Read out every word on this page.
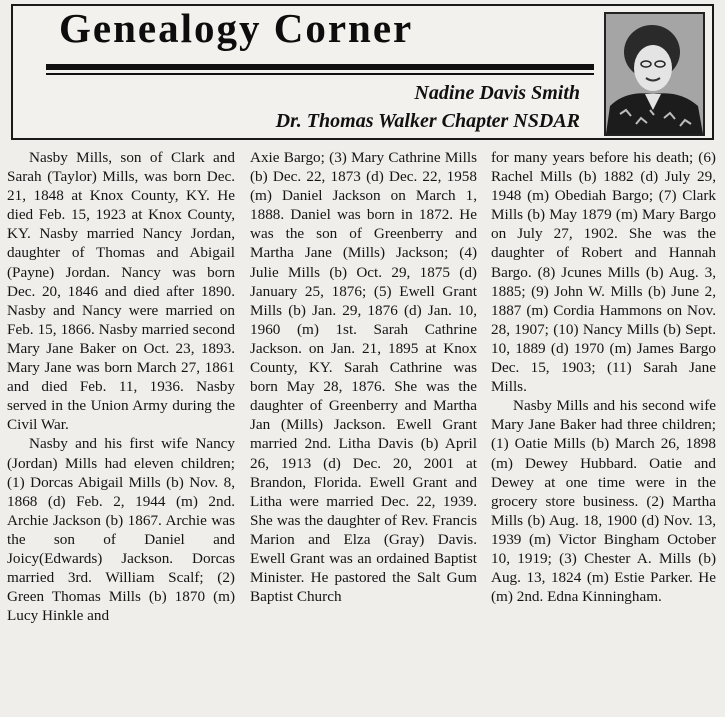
Genealogy Corner
Nadine Davis Smith
Dr. Thomas Walker Chapter NSDAR

Nasby Mills, son of Clark and Sarah (Taylor) Mills, was born Dec. 21, 1848 at Knox County, KY. He died Feb. 15, 1923 at Knox County, KY. Nasby married Nancy Jordan, daughter of Thomas and Abigail (Payne) Jordan. Nancy was born Dec. 20, 1846 and died after 1890. Nasby and Nancy were married on Feb. 15, 1866. Nasby married second Mary Jane Baker on Oct. 23, 1893. Mary Jane was born March 27, 1861 and died Feb. 11, 1936. Nasby served in the Union Army during the Civil War.

Nasby and his first wife Nancy (Jordan) Mills had eleven children; (1) Dorcas Abigail Mills (b) Nov. 8, 1868 (d) Feb. 2, 1944 (m) 2nd. Archie Jackson (b) 1867. Archie was the son of Daniel and Joicy(Edwards) Jackson. Dorcas married 3rd. William Scalf; (2) Green Thomas Mills (b) 1870 (m) Lucy Hinkle and

Axie Bargo; (3) Mary Cathrine Mills (b) Dec. 22, 1873 (d) Dec. 22, 1958 (m) Daniel Jackson on March 1, 1888. Daniel was born in 1872. He was the son of Greenberry and Martha Jane (Mills) Jackson; (4) Julie Mills (b) Oct. 29, 1875 (d) January 25, 1876; (5) Ewell Grant Mills (b) Jan. 29, 1876 (d) Jan. 10, 1960 (m) 1st. Sarah Cathrine Jackson. on Jan. 21, 1895 at Knox County, KY. Sarah Cathrine was born May 28, 1876. She was the daughter of Greenberry and Martha Jan (Mills) Jackson. Ewell Grant married 2nd. Litha Davis (b) April 26, 1913 (d) Dec. 20, 2001 at Brandon, Florida. Ewell Grant and Litha were married Dec. 22, 1939. She was the daughter of Rev. Francis Marion and Elza (Gray) Davis. Ewell Grant was an ordained Baptist Minister. He pastored the Salt Gum Baptist Church

for many years before his death; (6) Rachel Mills (b) 1882 (d) July 29, 1948 (m) Obediah Bargo; (7) Clark Mills (b) May 1879 (m) Mary Bargo on July 27, 1902. She was the daughter of Robert and Hannah Bargo. (8) Jcunes Mills (b) Aug. 3, 1885; (9) John W. Mills (b) June 2, 1887 (m) Cordia Hammons on Nov. 28, 1907; (10) Nancy Mills (b) Sept. 10, 1889 (d) 1970 (m) James Bargo Dec. 15, 1903; (11) Sarah Jane Mills.

Nasby Mills and his second wife Mary Jane Baker had three children; (1) Oatie Mills (b) March 26, 1898 (m) Dewey Hubbard. Oatie and Dewey at one time were in the grocery store business. (2) Martha Mills (b) Aug. 18, 1900 (d) Nov. 13, 1939 (m) Victor Bingham October 10, 1919; (3) Chester A. Mills (b) Aug. 13, 1824 (m) Estie Parker. He (m) 2nd. Edna Kinningham.
